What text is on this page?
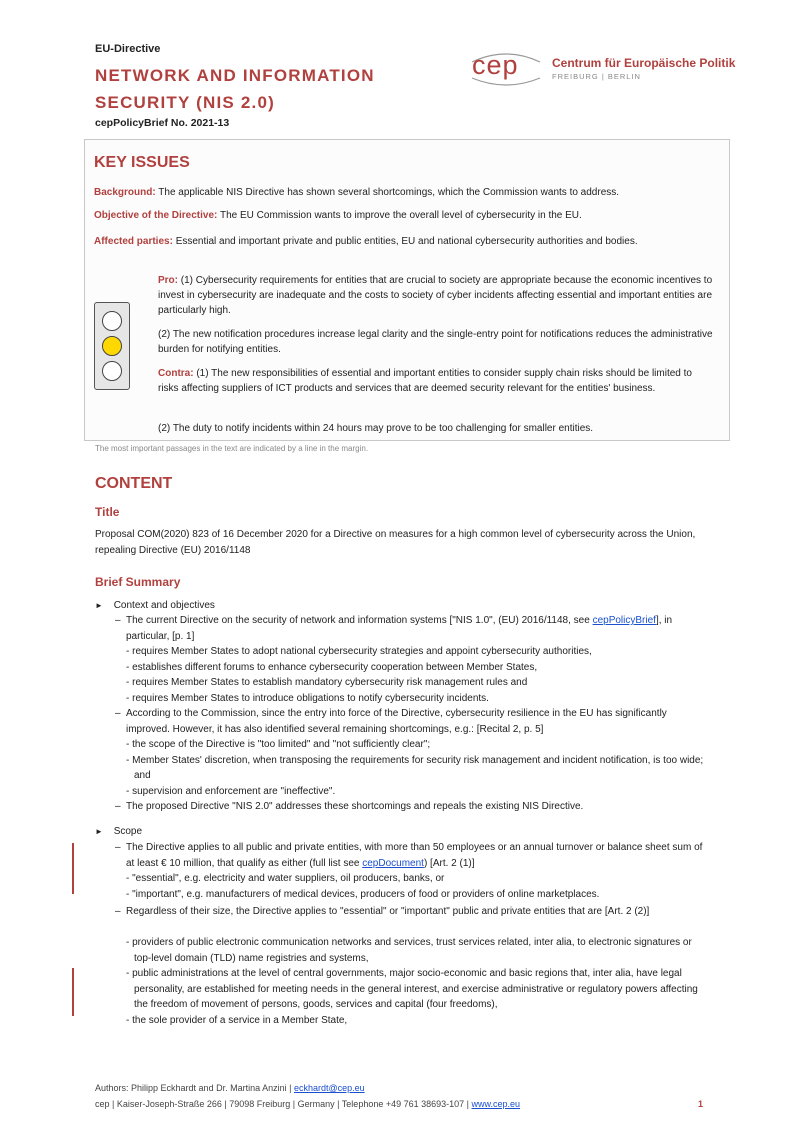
EU-Directive
NETWORK AND INFORMATION
SECURITY (NIS 2.0)
cepPolicyBrief No. 2021-13
cep	Centrum für Europäische Politik
FREIBURG | BERLIN
KEY ISSUES
Background: The applicable NIS Directive has shown several shortcomings, which the Commission wants to address.
Objective of the Directive: The EU Commission wants to improve the overall level of cybersecurity in the EU.
Affected parties: Essential and important private and public entities, EU and national cybersecurity authorities and bodies.
Pro: (1) Cybersecurity requirements for entities that are crucial to society are appropriate because the economic incentives to invest in cybersecurity are inadequate and the costs to society of cyber incidents affecting essential and important entities are particularly high.
(2) The new notification procedures increase legal clarity and the single-entry point for notifications reduces the administrative burden for notifying entities.
Contra: (1) The new responsibilities of essential and important entities to consider supply chain risks should be limited to risks affecting suppliers of ICT products and services that are deemed security relevant for the entities' business.
(2) The duty to notify incidents within 24 hours may prove to be too challenging for smaller entities.
The most important passages in the text are indicated by a line in the margin.
CONTENT
Title
Proposal COM(2020) 823 of 16 December 2020 for a Directive on measures for a high common level of cybersecurity across the Union, repealing Directive (EU) 2016/1148
Brief Summary
► Context and objectives
– The current Directive on the security of network and information systems ["NIS 1.0", (EU) 2016/1148, see cepPolicyBrief], in particular, [p. 1]
- requires Member States to adopt national cybersecurity strategies and appoint cybersecurity authorities,
- establishes different forums to enhance cybersecurity cooperation between Member States,
- requires Member States to establish mandatory cybersecurity risk management rules and
- requires Member States to introduce obligations to notify cybersecurity incidents.
– According to the Commission, since the entry into force of the Directive, cybersecurity resilience in the EU has significantly improved. However, it has also identified several remaining shortcomings, e.g.: [Recital 2, p. 5]
- the scope of the Directive is "too limited" and "not sufficiently clear";
- Member States' discretion, when transposing the requirements for security risk management and incident notification, is too wide; and
- supervision and enforcement are "ineffective".
– The proposed Directive "NIS 2.0" addresses these shortcomings and repeals the existing NIS Directive.
► Scope
– The Directive applies to all public and private entities, with more than 50 employees or an annual turnover or balance sheet sum of at least € 10 million, that qualify as either (full list see cepDocument) [Art. 2 (1)]
- "essential", e.g. electricity and water suppliers, oil producers, banks, or
- "important", e.g. manufacturers of medical devices, producers of food or providers of online marketplaces.
– Regardless of their size, the Directive applies to "essential" or "important" public and private entities that are [Art. 2 (2)]
- providers of public electronic communication networks and services, trust services related, inter alia, to electronic signatures or top-level domain (TLD) name registries and systems,
- public administrations at the level of central governments, major socio-economic and basic regions that, inter alia, have legal personality, are established for meeting needs in the general interest, and exercise administrative or regulatory powers affecting the freedom of movement of persons, goods, services and capital (four freedoms),
- the sole provider of a service in a Member State,
Authors: Philipp Eckhardt and Dr. Martina Anzini | eckhardt@cep.eu
cep | Kaiser-Joseph-Straße 266 | 79098 Freiburg | Germany | Telephone +49 761 38693-107 | www.cep.eu	1
